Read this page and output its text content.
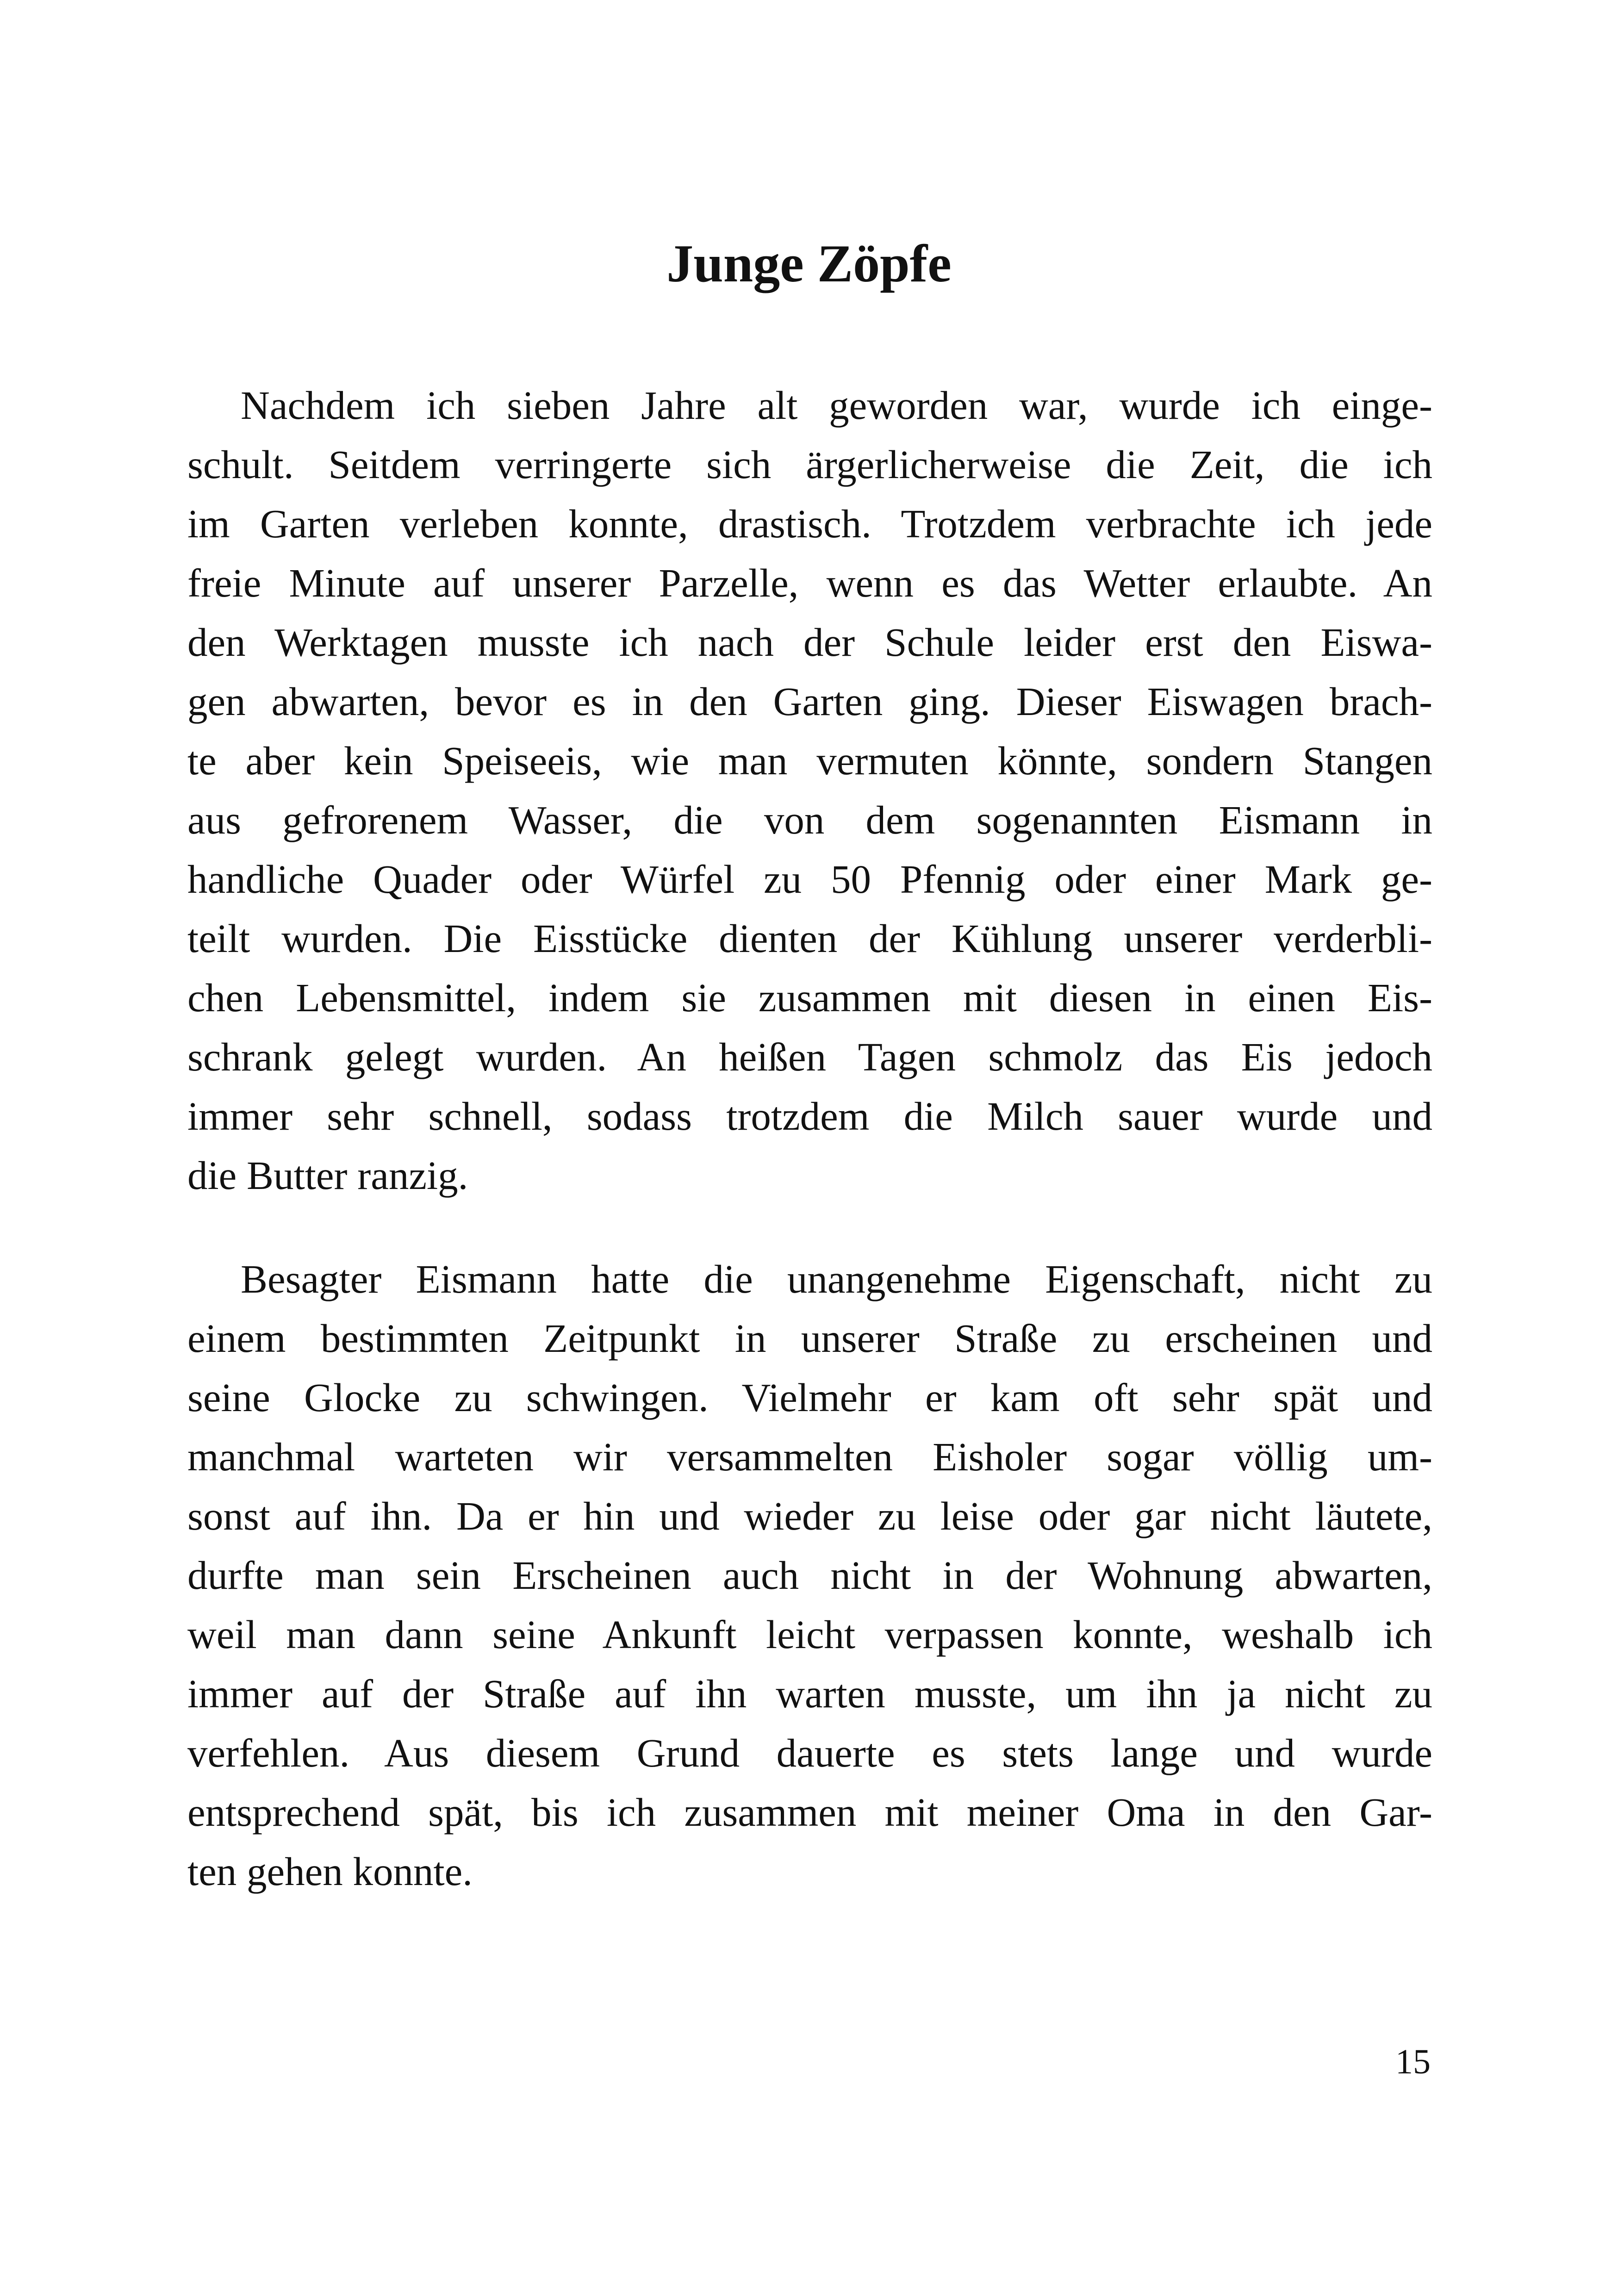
Junge Zöpfe
Nachdem ich sieben Jahre alt geworden war, wurde ich einge-
schult. Seitdem verringerte sich ärgerlicherweise die Zeit, die ich
im Garten verleben konnte, drastisch. Trotzdem verbrachte ich jede
freie Minute auf unserer Parzelle, wenn es das Wetter erlaubte. An
den Werktagen musste ich nach der Schule leider erst den Eiswa-
gen abwarten, bevor es in den Garten ging. Dieser Eiswagen brach-
te aber kein Speiseeis, wie man vermuten könnte, sondern Stangen
aus gefrorenem Wasser, die von dem sogenannten Eismann in
handliche Quader oder Würfel zu 50 Pfennig oder einer Mark ge-
teilt wurden. Die Eisstücke dienten der Kühlung unserer verderbli-
chen Lebensmittel, indem sie zusammen mit diesen in einen Eis-
schrank gelegt wurden. An heißen Tagen schmolz das Eis jedoch
immer sehr schnell, sodass trotzdem die Milch sauer wurde und
die Butter ranzig.
Besagter Eismann hatte die unangenehme Eigenschaft, nicht zu
einem bestimmten Zeitpunkt in unserer Straße zu erscheinen und
seine Glocke zu schwingen. Vielmehr er kam oft sehr spät und
manchmal warteten wir versammelten Eisholer sogar völlig um-
sonst auf ihn. Da er hin und wieder zu leise oder gar nicht läutete,
durfte man sein Erscheinen auch nicht in der Wohnung abwarten,
weil man dann seine Ankunft leicht verpassen konnte, weshalb ich
immer auf der Straße auf ihn warten musste, um ihn ja nicht zu
verfehlen. Aus diesem Grund dauerte es stets lange und wurde
entsprechend spät, bis ich zusammen mit meiner Oma in den Gar-
ten gehen konnte.
15
